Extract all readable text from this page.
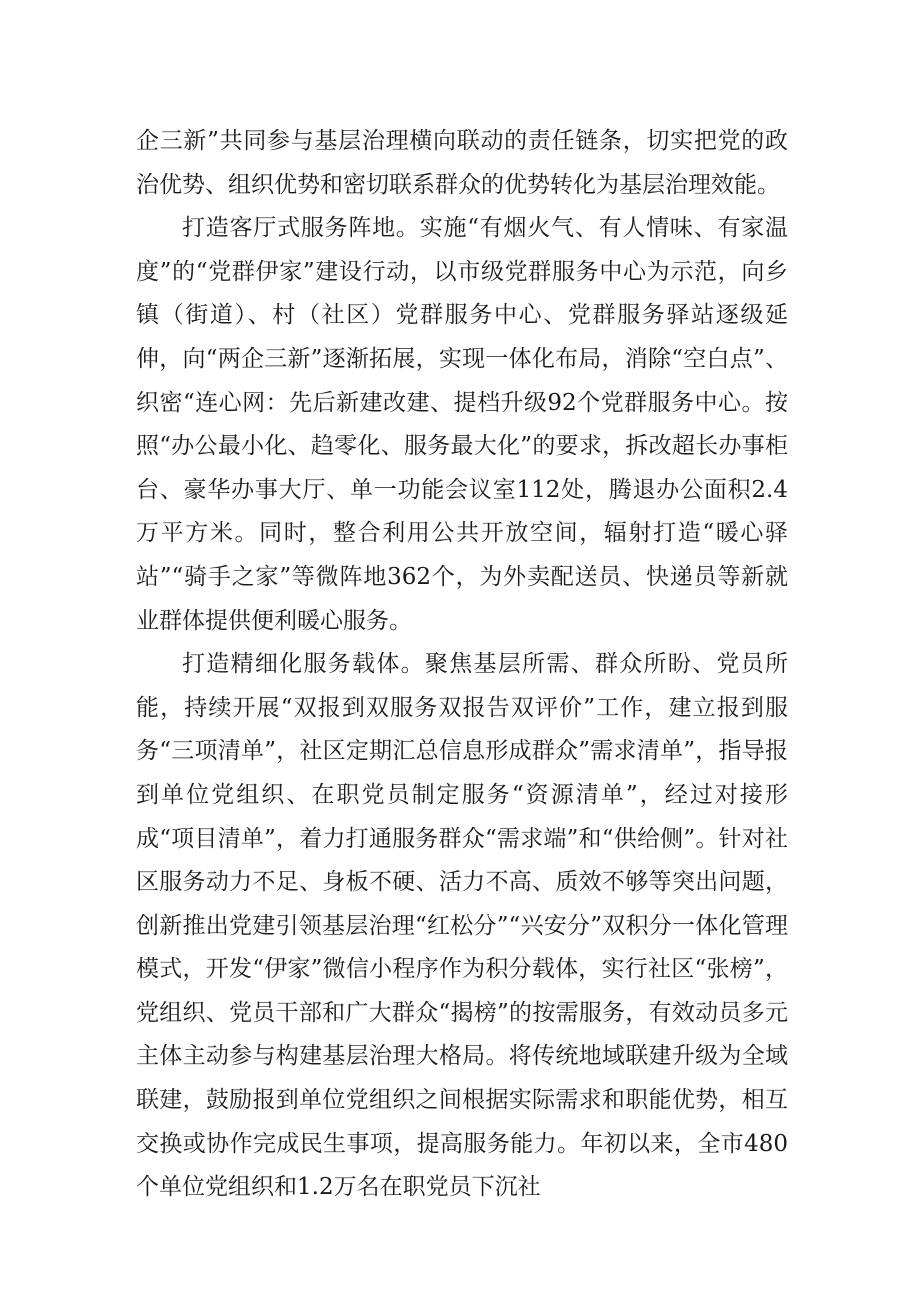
企三新”共同参与基层治理横向联动的责任链条，切实把党的政治优势、组织优势和密切联系群众的优势转化为基层治理效能。

打造客厅式服务阵地。实施“有烟火气、有人情味、有家温度”的“党群伊家”建设行动，以市级党群服务中心为示范，向乡镇（街道）、村（社区）党群服务中心、党群服务驿站逐级延伸，向“两企三新”逐渐拓展，实现一体化布局，消除“空白点”、织密“连心网：先后新建改建、提档升级92个党群服务中心。按照“办公最小化、趋零化、服务最大化”的要求，拆改超长办事柜台、豪华办事大厅、单一功能会议室112处，腾退办公面积2.4万平方米。同时，整合利用公共开放空间，辐射打造“暖心驿站”“骑手之家”等微阵地362个，为外卖配送员、快递员等新就业群体提供便利暖心服务。

打造精细化服务载体。聚焦基层所需、群众所盼、党员所能，持续开展“双报到双服务双报告双评价”工作，建立报到服务“三项清单”，社区定期汇总信息形成群众”需求清单”，指导报到单位党组织、在职党员制定服务“资源清单”，经过对接形成“项目清单”，着力打通服务群众“需求端”和“供给侧”。针对社区服务动力不足、身板不硬、活力不高、质效不够等突出问题，创新推出党建引领基层治理“红松分”“兴安分”双积分一体化管理模式，开发“伊家”微信小程序作为积分载体，实行社区“张榜”，党组织、党员干部和广大群众“揭榜”的按需服务，有效动员多元主体主动参与构建基层治理大格局。将传统地域联建升级为全域联建，鼓励报到单位党组织之间根据实际需求和职能优势，相互交换或协作完成民生事项，提高服务能力。年初以来，全市480个单位党组织和1.2万名在职党员下沉社
